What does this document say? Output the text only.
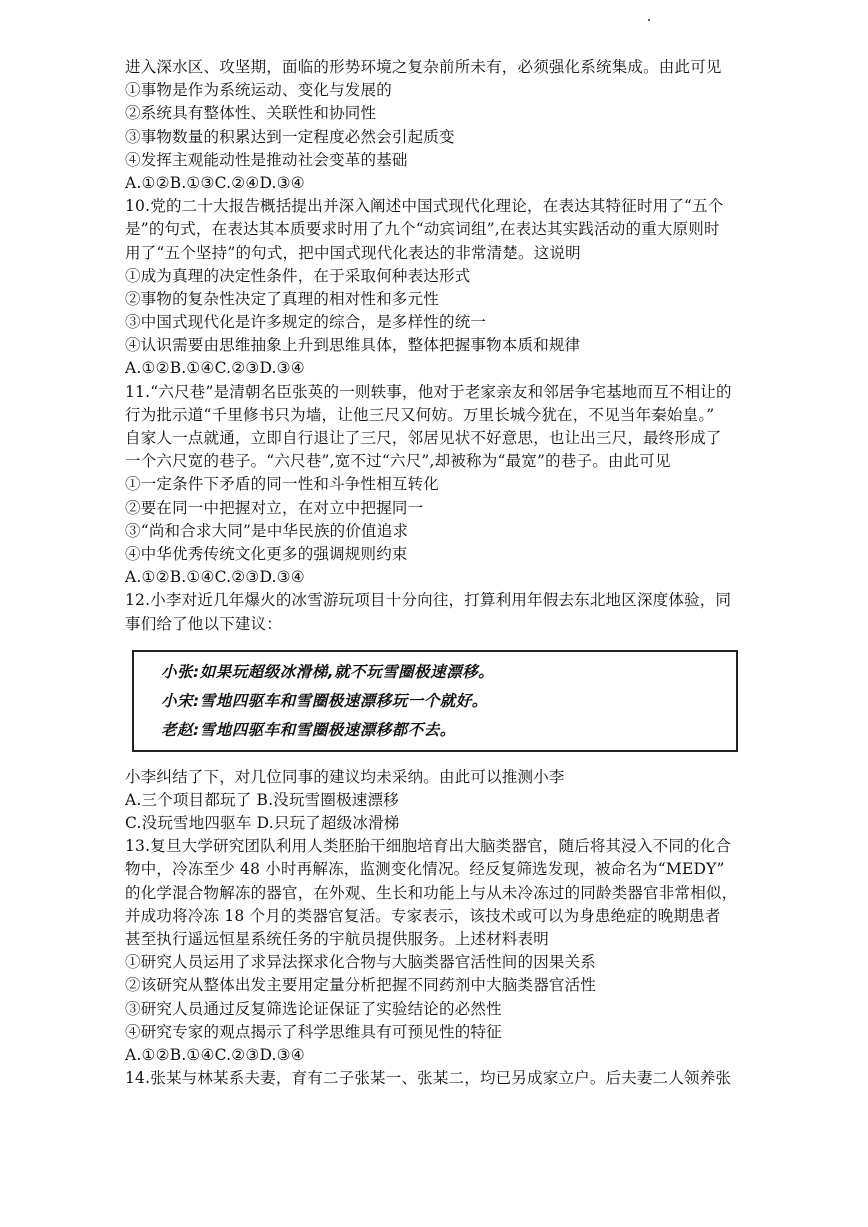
进入深水区、攻坚期，面临的形势环境之复杂前所未有，必须强化系统集成。由此可见
①事物是作为系统运动、变化与发展的
②系统具有整体性、关联性和协同性
③事物数量的积累达到一定程度必然会引起质变
④发挥主观能动性是推动社会变革的基础
A.①②B.①③C.②④D.③④
10.党的二十大报告概括提出并深入阐述中国式现代化理论，在表达其特征时用了“五个
是”的句式，在表达其本质要求时用了九个“动宾词组”,在表达其实践活动的重大原则时
用了“五个坚持”的句式，把中国式现代化表达的非常清楚。这说明
①成为真理的决定性条件，在于采取何种表达形式
②事物的复杂性决定了真理的相对性和多元性
③中国式现代化是许多规定的综合，是多样性的统一
④认识需要由思维抽象上升到思维具体，整体把握事物本质和规律
A.①②B.①④C.②③D.③④
11.“六尺巷”是清朝名臣张英的一则轶事，他对于老家亲友和邻居争宅基地而互不相让的
行为批示道“千里修书只为墙，让他三尺又何妨。万里长城今犹在，不见当年秦始皇。”
自家人一点就通，立即自行退让了三尺，邻居见状不好意思，也让出三尺，最终形成了
一个六尺宽的巷子。“六尺巷”,宽不过“六尺”,却被称为“最宽”的巷子。由此可见
①一定条件下矛盾的同一性和斗争性相互转化
②要在同一中把握对立，在对立中把握同一
③“尚和合求大同”是中华民族的价值追求
④中华优秀传统文化更多的强调规则约束
A.①②B.①④C.②③D.③④
12.小李对近几年爆火的冰雪游玩项目十分向往，打算利用年假去东北地区深度体验，同
事们给了他以下建议：
小张:如果玩超级冰滑梯,就不玩雪圈极速漂移。
小宋:雪地四驱车和雪圈极速漂移玩一个就好。
老赵:雪地四驱车和雪圈极速漂移都不去。
小李纠结了下，对几位同事的建议均未采纳。由此可以推测小李
A.三个项目都玩了 B.没玩雪圈极速漂移
C.没玩雪地四驱车 D.只玩了超级冰滑梯
13.复旦大学研究团队利用人类胚胎干细胞培育出大脑类器官，随后将其浸入不同的化合
物中，冷冻至少 48 小时再解冻，监测变化情况。经反复筛选发现，被命名为“MEDY”
的化学混合物解冻的器官，在外观、生长和功能上与从未冷冻过的同龄类器官非常相似，
并成功将冷冻 18 个月的类器官复活。专家表示，该技术或可以为身患绝症的晚期患者
甚至执行遥远恒星系统任务的宇航员提供服务。上述材料表明
①研究人员运用了求异法探求化合物与大脑类器官活性间的因果关系
②该研究从整体出发主要用定量分析把握不同药剂中大脑类器官活性
③研究人员通过反复筛选论证保证了实验结论的必然性
④研究专家的观点揭示了科学思维具有可预见性的特征
A.①②B.①④C.②③D.③④
14.张某与林某系夫妻，育有二子张某一、张某二，均已另成家立户。后夫妻二人领养张
